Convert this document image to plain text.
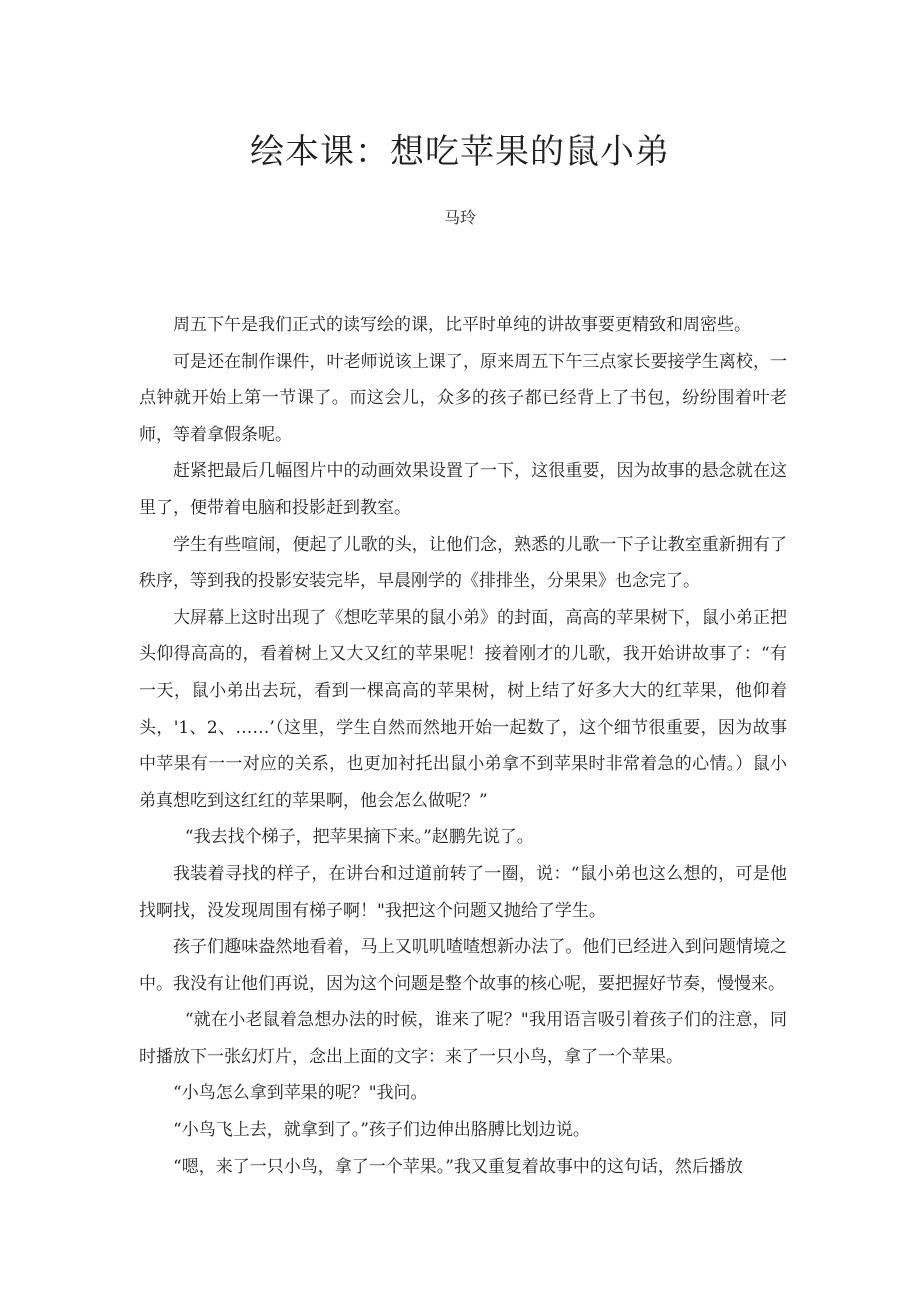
绘本课：想吃苹果的鼠小弟
马玲

周五下午是我们正式的读写绘的课，比平时单纯的讲故事要更精致和周密些。

可是还在制作课件，叶老师说该上课了，原来周五下午三点家长要接学生离校，一点钟就开始上第一节课了。而这会儿，众多的孩子都已经背上了书包，纷纷围着叶老师，等着拿假条呢。

赶紧把最后几幅图片中的动画效果设置了一下，这很重要，因为故事的悬念就在这里了，便带着电脑和投影赶到教室。

学生有些喧闹，便起了儿歌的头，让他们念，熟悉的儿歌一下子让教室重新拥有了秩序，等到我的投影安装完毕，早晨刚学的《排排坐，分果果》也念完了。

大屏幕上这时出现了《想吃苹果的鼠小弟》的封面，高高的苹果树下，鼠小弟正把头仰得高高的，看着树上又大又红的苹果呢！接着刚才的儿歌，我开始讲故事了：“有一天，鼠小弟出去玩，看到一棵高高的苹果树，树上结了好多大大的红苹果，他仰着头，'1、2、……’（这里，学生自然而然地开始一起数了，这个细节很重要，因为故事中苹果有一一对应的关系，也更加衬托出鼠小弟拿不到苹果时非常着急的心情。）鼠小弟真想吃到这红红的苹果啊，他会怎么做呢？”

“我去找个梯子，把苹果摘下来。”赵鹏先说了。

我装着寻找的样子，在讲台和过道前转了一圈，说：“鼠小弟也这么想的，可是他找啊找，没发现周围有梯子啊！"我把这个问题又抛给了学生。

孩子们趣味盎然地看着，马上又叽叽喳喳想新办法了。他们已经进入到问题情境之中。我没有让他们再说，因为这个问题是整个故事的核心呢，要把握好节奏，慢慢来。

“就在小老鼠着急想办法的时候，谁来了呢？"我用语言吸引着孩子们的注意，同时播放下一张幻灯片，念出上面的文字：来了一只小鸟，拿了一个苹果。

“小鸟怎么拿到苹果的呢？"我问。

“小鸟飞上去，就拿到了。”孩子们边伸出胳膊比划边说。

“嗯，来了一只小鸟，拿了一个苹果。”我又重复着故事中的这句话，然后播放
